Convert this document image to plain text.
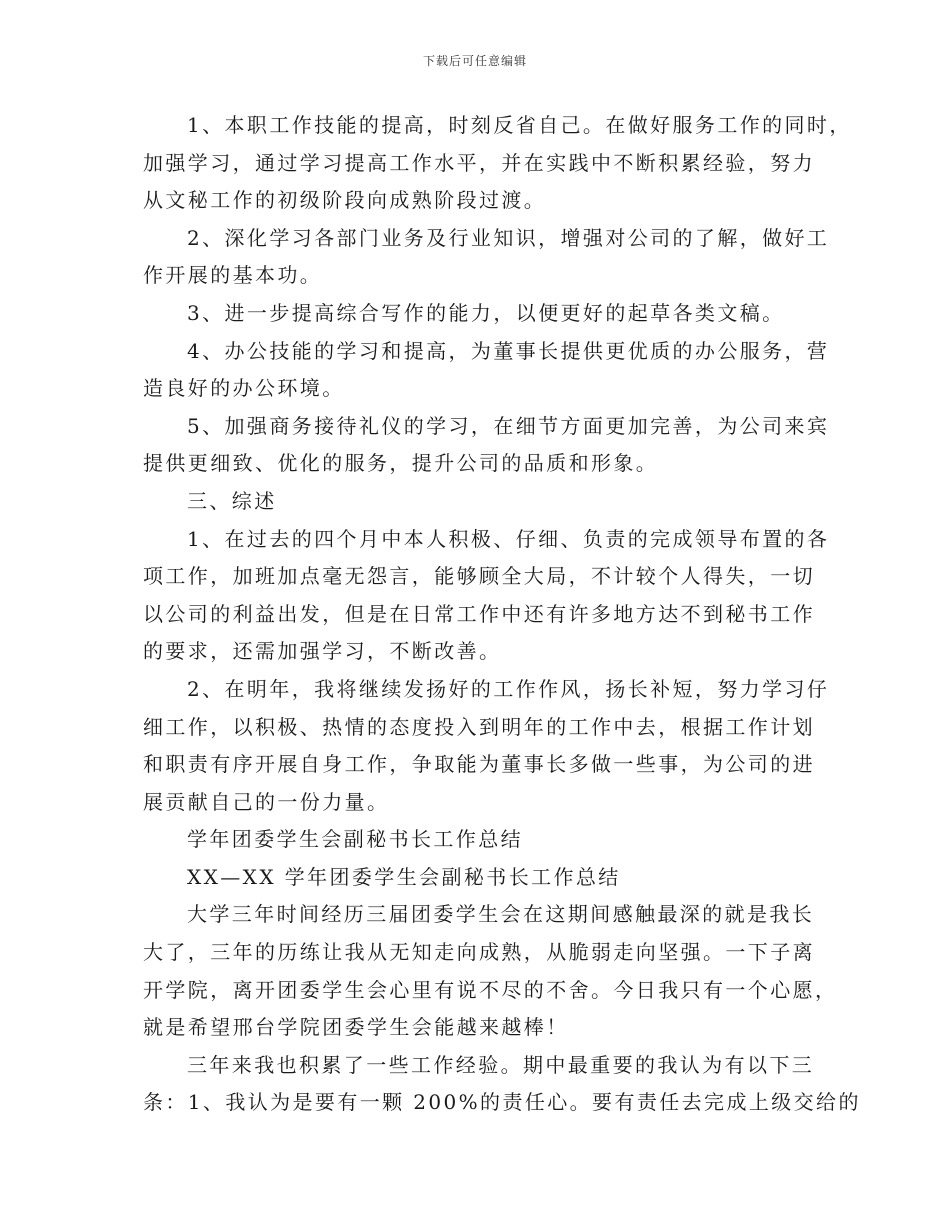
下载后可任意编辑
1、本职工作技能的提高，时刻反省自己。在做好服务工作的同时，
加强学习，通过学习提高工作水平，并在实践中不断积累经验，努力
从文秘工作的初级阶段向成熟阶段过渡。
2、深化学习各部门业务及行业知识，增强对公司的了解，做好工
作开展的基本功。
3、进一步提高综合写作的能力，以便更好的起草各类文稿。
4、办公技能的学习和提高，为董事长提供更优质的办公服务，营
造良好的办公环境。
5、加强商务接待礼仪的学习，在细节方面更加完善，为公司来宾
提供更细致、优化的服务，提升公司的品质和形象。
三、综述
1、在过去的四个月中本人积极、仔细、负责的完成领导布置的各
项工作，加班加点毫无怨言，能够顾全大局，不计较个人得失，一切
以公司的利益出发，但是在日常工作中还有许多地方达不到秘书工作
的要求，还需加强学习，不断改善。
2、在明年，我将继续发扬好的工作作风，扬长补短，努力学习仔
细工作，以积极、热情的态度投入到明年的工作中去，根据工作计划
和职责有序开展自身工作，争取能为董事长多做一些事，为公司的进
展贡献自己的一份力量。
学年团委学生会副秘书长工作总结
XX—XX 学年团委学生会副秘书长工作总结
大学三年时间经历三届团委学生会在这期间感触最深的就是我长
大了，三年的历练让我从无知走向成熟，从脆弱走向坚强。一下子离
开学院，离开团委学生会心里有说不尽的不舍。今日我只有一个心愿，
就是希望邢台学院团委学生会能越来越棒！
三年来我也积累了一些工作经验。期中最重要的我认为有以下三
条：1、我认为是要有一颗 200%的责任心。要有责任去完成上级交给的
